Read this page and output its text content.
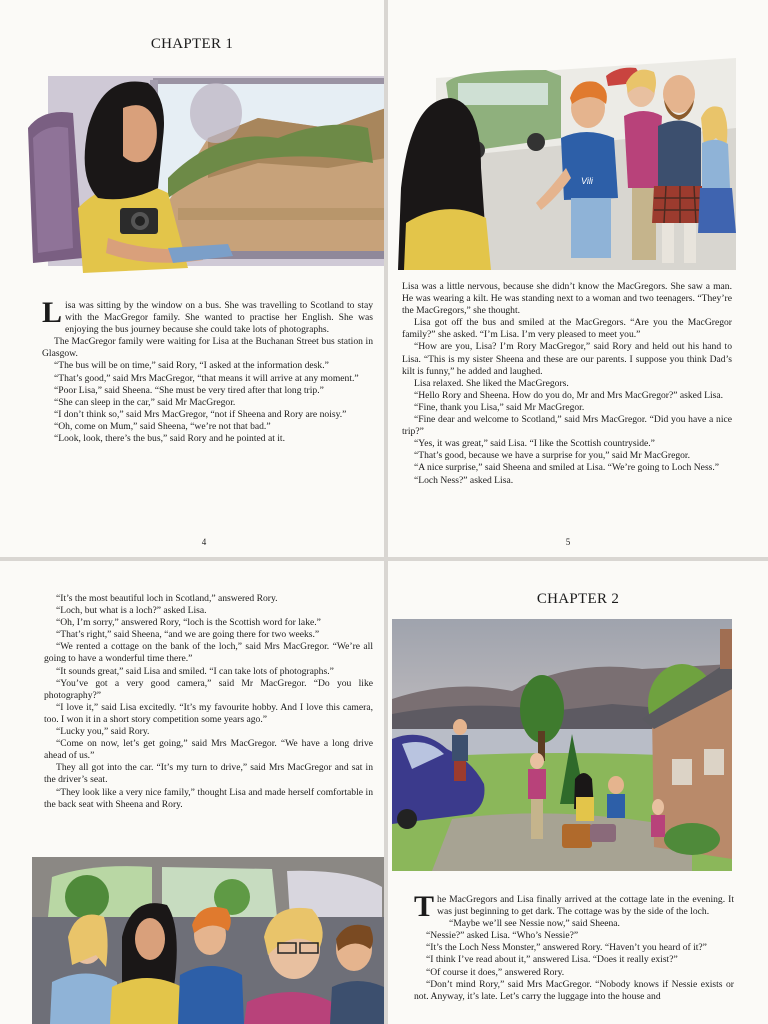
CHAPTER 1

Lisa was sitting by the window on a bus. She was travelling to Scotland to stay with the MacGregor family. She wanted to practise her English. She was enjoying the bus journey because she could take lots of photographs.

The MacGregor family were waiting for Lisa at the Buchanan Street bus station in Glasgow.

“The bus will be on time,” said Rory, “I asked at the information desk.”

“That’s good,” said Mrs MacGregor, “that means it will arrive at any moment.”

“Poor Lisa,” said Sheena. “She must be very tired after that long trip.”

“She can sleep in the car,” said Mr MacGregor.

“I don’t think so,” said Mrs MacGregor, “not if Sheena and Rory are noisy.”

“Oh, come on Mum,” said Sheena, “we’re not that bad.”

“Look, look, there’s the bus,” said Rory and he pointed at it.

4
Vili

Lisa was a little nervous, because she didn’t know the MacGregors. She saw a man. He was wearing a kilt. He was standing next to a woman and two teenagers. “They’re the MacGregors,” she thought.

Lisa got off the bus and smiled at the MacGregors. “Are you the MacGregor family?” she asked. “I’m Lisa. I’m very pleased to meet you.”

“How are you, Lisa? I’m Rory MacGregor,” said Rory and held out his hand to Lisa. “This is my sister Sheena and these are our parents. I suppose you think Dad’s kilt is funny,” he added and laughed.

Lisa relaxed. She liked the MacGregors.

“Hello Rory and Sheena. How do you do, Mr and Mrs MacGregor?” asked Lisa.

“Fine, thank you Lisa,” said Mr MacGregor.

“Fine dear and welcome to Scotland,” said Mrs MacGregor. “Did you have a nice trip?”

“Yes, it was great,” said Lisa. “I like the Scottish countryside.”

“That’s good, because we have a surprise for you,” said Mr MacGregor.

“A nice surprise,” said Sheena and smiled at Lisa. “We’re going to Loch Ness.”

“Loch Ness?” asked Lisa.

5

“It’s the most beautiful loch in Scotland,” answered Rory.

“Loch, but what is a loch?” asked Lisa.

“Oh, I’m sorry,” answered Rory, “loch is the Scottish word for lake.”

“That’s right,” said Sheena, “and we are going there for two weeks.”

“We rented a cottage on the bank of the loch,” said Mrs MacGregor. “We’re all going to have a wonderful time there.”

“It sounds great,” said Lisa and smiled. “I can take lots of photographs.”

“You’ve got a very good camera,” said Mr MacGregor. “Do you like photography?”

“I love it,” said Lisa excitedly. “It’s my favourite hobby. And I love this camera, too. I won it in a short story competition some years ago.”

“Lucky you,” said Rory.

“Come on now, let’s get going,” said Mrs MacGregor. “We have a long drive ahead of us.”

They all got into the car. “It’s my turn to drive,” said Mrs MacGregor and sat in the driver’s seat.

“They look like a very nice family,” thought Lisa and made herself comfortable in the back seat with Sheena and Rory.

CHAPTER 2

The MacGregors and Lisa finally arrived at the cottage late in the evening. It was just beginning to get dark. The cottage was by the side of the loch.

“Maybe we’ll see Nessie now,” said Sheena.

“Nessie?” asked Lisa. “Who’s Nessie?”

“It’s the Loch Ness Monster,” answered Rory. “Haven’t you heard of it?”

“I think I’ve read about it,” answered Lisa. “Does it really exist?”

“Of course it does,” answered Rory.

“Don’t mind Rory,” said Mrs MacGregor. “Nobody knows if Nessie exists or not. Anyway, it’s late. Let’s carry the luggage into the house and
